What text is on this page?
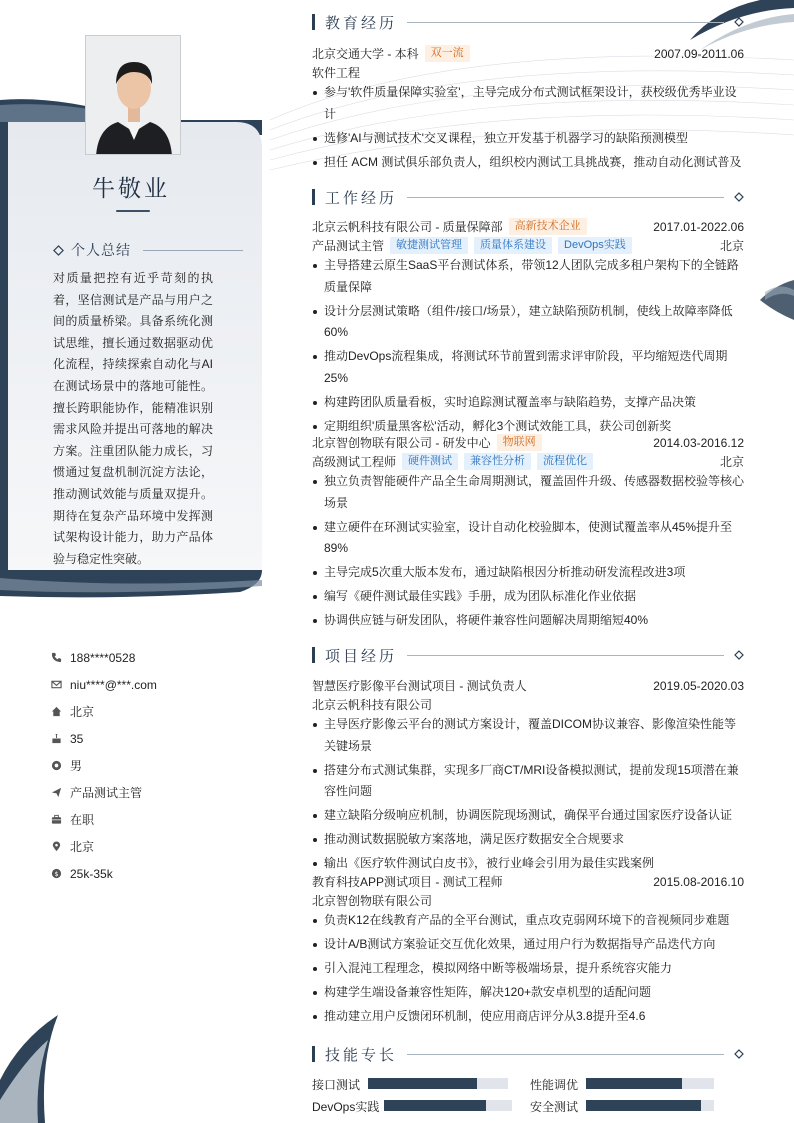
牛敬业
个人总结
对质量把控有近乎苛刻的执着，坚信测试是产品与用户之间的质量桥梁。具备系统化测试思维，擅长通过数据驱动优化流程，持续探索自动化与AI在测试场景中的落地可能性。擅长跨职能协作，能精准识别需求风险并提出可落地的解决方案。注重团队能力成长，习惯通过复盘机制沉淀方法论，推动测试效能与质量双提升。期待在复杂产品环境中发挥测试架构设计能力，助力产品体验与稳定性突破。
188****0528
niu****@***.com
北京
35
男
产品测试主管
在职
北京
$ 25k-35k
教育经历
北京交通大学 - 本科	双一流	2007.09-2011.06
软件工程
参与'软件质量保障实验室'，主导完成分布式测试框架设计，获校级优秀毕业设计
选修'AI与测试技术'交叉课程，独立开发基于机器学习的缺陷预测模型
担任 ACM 测试俱乐部负责人，组织校内测试工具挑战赛，推动自动化测试普及
工作经历
北京云帆科技有限公司 - 质量保障部	高新技术企业	2017.01-2022.06
产品测试主管	敏捷测试管理	质量体系建设	DevOps实践	北京
主导搭建云原生SaaS平台测试体系，带领12人团队完成多租户架构下的全链路质量保障
设计分层测试策略（组件/接口/场景），建立缺陷预防机制，使线上故障率降低60%
推动DevOps流程集成，将测试环节前置到需求评审阶段，平均缩短迭代周期25%
构建跨团队质量看板，实时追踪测试覆盖率与缺陷趋势，支撑产品决策
定期组织'质量黑客松'活动，孵化3个测试效能工具，获公司创新奖
北京智创物联有限公司 - 研发中心	物联网	2014.03-2016.12
高级测试工程师	硬件测试	兼容性分析	流程优化	北京
独立负责智能硬件产品全生命周期测试，覆盖固件升级、传感器数据校验等核心场景
建立硬件在环测试实验室，设计自动化校验脚本，使测试覆盖率从45%提升至89%
主导完成5次重大版本发布，通过缺陷根因分析推动研发流程改进3项
编写《硬件测试最佳实践》手册，成为团队标准化作业依据
协调供应链与研发团队，将硬件兼容性问题解决周期缩短40%
项目经历
智慧医疗影像平台测试项目 - 测试负责人	2019.05-2020.03
北京云帆科技有限公司
主导医疗影像云平台的测试方案设计，覆盖DICOM协议兼容、影像渲染性能等关键场景
搭建分布式测试集群，实现多厂商CT/MRI设备模拟测试，提前发现15项潜在兼容性问题
建立缺陷分级响应机制，协调医院现场测试，确保平台通过国家医疗设备认证
推动测试数据脱敏方案落地，满足医疗数据安全合规要求
输出《医疗软件测试白皮书》，被行业峰会引用为最佳实践案例
教育科技APP测试项目 - 测试工程师	2015.08-2016.10
北京智创物联有限公司
负责K12在线教育产品的全平台测试，重点攻克弱网环境下的音视频同步难题
设计A/B测试方案验证交互优化效果，通过用户行为数据指导产品迭代方向
引入混沌工程理念，模拟网络中断等极端场景，提升系统容灾能力
构建学生端设备兼容性矩阵，解决120+款安卓机型的适配问题
推动建立用户反馈闭环机制，使应用商店评分从3.8提升至4.6
技能专长
接口测试	性能调优
DevOps实践	安全测试
